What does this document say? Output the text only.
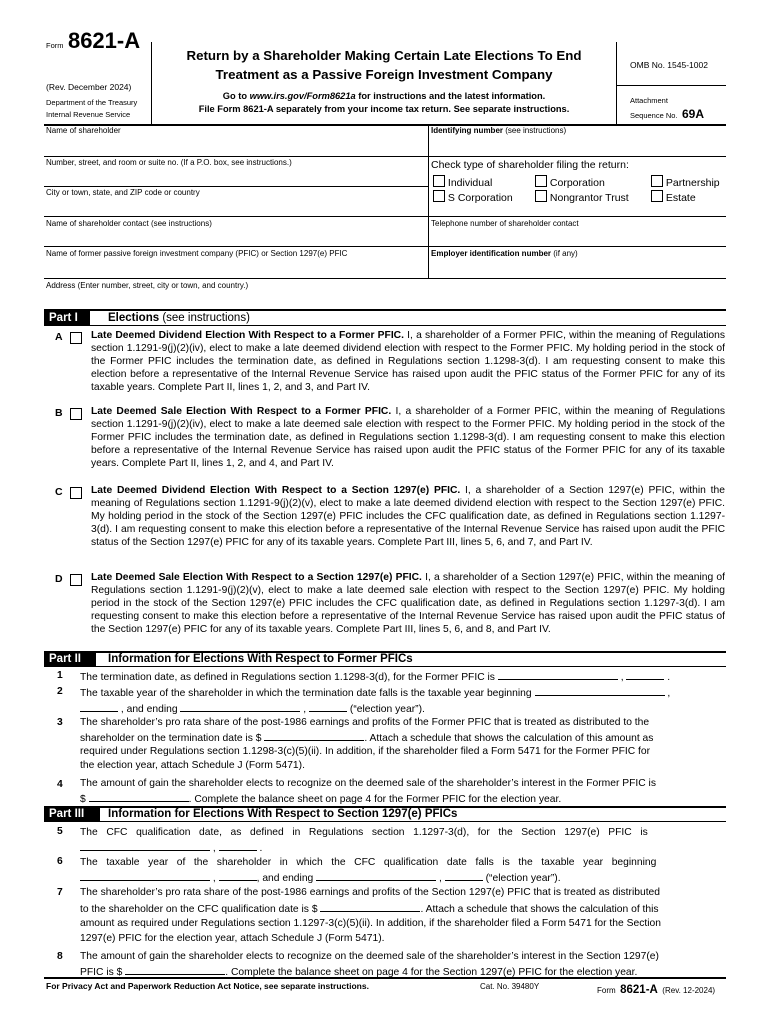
Form 8621-A
(Rev. December 2024)
Department of the Treasury
Internal Revenue Service
Return by a Shareholder Making Certain Late Elections To End
Treatment as a Passive Foreign Investment Company
Go to www.irs.gov/Form8621a for instructions and the latest information.
File Form 8621-A separately from your income tax return. See separate instructions.
OMB No. 1545-1002
Attachment
Sequence No. 69A
Name of shareholder	Identifying number (see instructions)
Number, street, and room or suite no. (If a P.O. box, see instructions.)
City or town, state, and ZIP code or country
Check type of shareholder filing the return:
Individual	Corporation	Partnership
S Corporation	Nongrantor Trust	Estate
Name of shareholder contact (see instructions)	Telephone number of shareholder contact
Name of former passive foreign investment company (PFIC) or Section 1297(e) PFIC	Employer identification number (if any)
Address (Enter number, street, city or town, and country.)
Part I	Elections (see instructions)
A	Late Deemed Dividend Election With Respect to a Former PFIC. I, a shareholder of a Former PFIC, within the meaning of Regulations section 1.1291-9(j)(2)(iv), elect to make a late deemed dividend election with respect to the Former PFIC. My holding period in the stock of the Former PFIC includes the termination date, as defined in Regulations section 1.1298-3(d). I am requesting consent to make this election before a representative of the Internal Revenue Service has raised upon audit the PFIC status of the Former PFIC for any of its taxable years. Complete Part II, lines 1, 2, and 3, and Part IV.
B	Late Deemed Sale Election With Respect to a Former PFIC. I, a shareholder of a Former PFIC, within the meaning of Regulations section 1.1291-9(j)(2)(iv), elect to make a late deemed sale election with respect to the Former PFIC. My holding period in the stock of the Former PFIC includes the termination date, as defined in Regulations section 1.1298-3(d). I am requesting consent to make this election before a representative of the Internal Revenue Service has raised upon audit the PFIC status of the Former PFIC for any of its taxable years. Complete Part II, lines 1, 2, and 4, and Part IV.
C	Late Deemed Dividend Election With Respect to a Section 1297(e) PFIC. I, a shareholder of a Section 1297(e) PFIC, within the meaning of Regulations section 1.1291-9(j)(2)(v), elect to make a late deemed dividend election with respect to the Section 1297(e) PFIC. My holding period in the stock of the Section 1297(e) PFIC includes the CFC qualification date, as defined in Regulations section 1.1297-3(d). I am requesting consent to make this election before a representative of the Internal Revenue Service has raised upon audit the PFIC status of the Section 1297(e) PFIC for any of its taxable years. Complete Part III, lines 5, 6, and 7, and Part IV.
D	Late Deemed Sale Election With Respect to a Section 1297(e) PFIC. I, a shareholder of a Section 1297(e) PFIC, within the meaning of Regulations section 1.1291-9(j)(2)(v), elect to make a late deemed sale election with respect to the Section 1297(e) PFIC. My holding period in the stock of the Section 1297(e) PFIC includes the CFC qualification date, as defined in Regulations section 1.1297-3(d). I am requesting consent to make this election before a representative of the Internal Revenue Service has raised upon audit the PFIC status of the Section 1297(e) PFIC for any of its taxable years. Complete Part III, lines 5, 6, and 8, and Part IV.
Part II	Information for Elections With Respect to Former PFICs
1 The termination date, as defined in Regulations section 1.1298-3(d), for the Former PFIC is	,	.
2 The taxable year of the shareholder in which the termination date falls is the taxable year beginning	,
, and ending	,	(“election year”).
3 The shareholder’s pro rata share of the post-1986 earnings and profits of the Former PFIC that is treated as distributed to the
shareholder on the termination date is $	. Attach a schedule that shows the calculation of this amount as
required under Regulations section 1.1298-3(c)(5)(ii). In addition, if the shareholder filed a Form 5471 for the Former PFIC for
the election year, attach Schedule J (Form 5471).
4 The amount of gain the shareholder elects to recognize on the deemed sale of the shareholder’s interest in the Former PFIC is
$	. Complete the balance sheet on page 4 for the Former PFIC for the election year.
Part III	Information for Elections With Respect to Section 1297(e) PFICs
5 The   CFC   qualification   date,   as   defined   in   Regulations   section   1.1297-3(d),   for   the   Section   1297(e)   PFIC   is
,	.
6 The   taxable   year   of   the   shareholder   in   which   the   CFC   qualification   date   falls   is   the   taxable   year   beginning
,	, and ending	,	(“election year”).
7 The shareholder’s pro rata share of the post-1986 earnings and profits of the Section 1297(e) PFIC that is treated as distributed
to the shareholder on the CFC qualification date is $	. Attach a schedule that shows the calculation of this
amount as required under Regulations section 1.1297-3(c)(5)(ii). In addition, if the shareholder filed a Form 5471 for the Section
1297(e) PFIC for the election year, attach Schedule J (Form 5471).
8 The amount of gain the shareholder elects to recognize on the deemed sale of the shareholder’s interest in the Section 1297(e)
PFIC is $	. Complete the balance sheet on page 4 for the Section 1297(e) PFIC for the election year.
For Privacy Act and Paperwork Reduction Act Notice, see separate instructions.	Cat. No. 39480Y	Form 8621-A (Rev. 12-2024)
